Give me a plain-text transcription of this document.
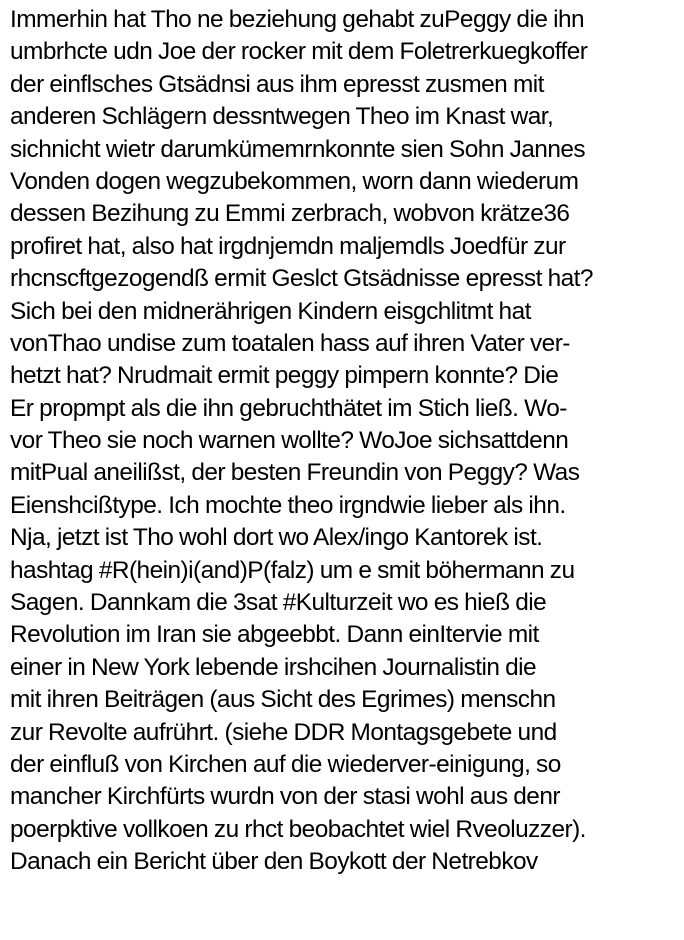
Immerhin hat Tho ne beziehung gehabt zuPeggy die ihn
umbrhcte udn Joe der rocker mit dem Foletrerkuegkoffer
der einflsches Gtsädnsi aus ihm epresst zusmen mit
anderen Schlägern dessntwegen Theo im Knast war,
sichnicht wietr darumkümemrnkonnte sien Sohn Jannes
Vonden dogen wegzubekommen, worn dann wiederum
dessen Bezihung zu Emmi zerbrach, wobvon krätze36
profiret hat, also hat irgdnjemdn maljemdls Joedfür zur
rhcnscftgezogendß ermit Geslct Gtsädnisse epresst hat?
Sich bei den midnerährigen Kindern eisgchlitmt hat
vonThao undise zum toatalen hass auf ihren Vater ver-
hetzt hat? Nrudmait ermit peggy pimpern konnte? Die
Er propmpt als die ihn gebruchthätet im Stich ließ. Wo-
vor Theo sie noch warnen wollte? WoJoe sichsattdenn
mitPual aneilißst, der besten Freundin von Peggy? Was
Eienshcißtype. Ich mochte theo irgndwie lieber als ihn.
Nja, jetzt ist Tho wohl dort wo Alex/ingo Kantorek ist.
hashtag #R(hein)i(and)P(falz) um e smit böhermann zu
Sagen. Dannkam die 3sat #Kulturzeit wo es hieß die
Revolution im Iran sie abgeebbt. Dann einItervie mit
einer in New York lebende irshcihen Journalistin die
mit ihren Beiträgen (aus Sicht des Egrimes) menschn
zur Revolte aufrührt. (siehe DDR Montagsgebete und
der einfluß von Kirchen auf die wiederver-einigung, so
mancher Kirchfürts wurdn von der stasi wohl aus denr
poerpktive vollkoen zu rhct beobachtet wiel Rveoluzzer).
Danach ein Bericht über den Boykott der Netrebkov
